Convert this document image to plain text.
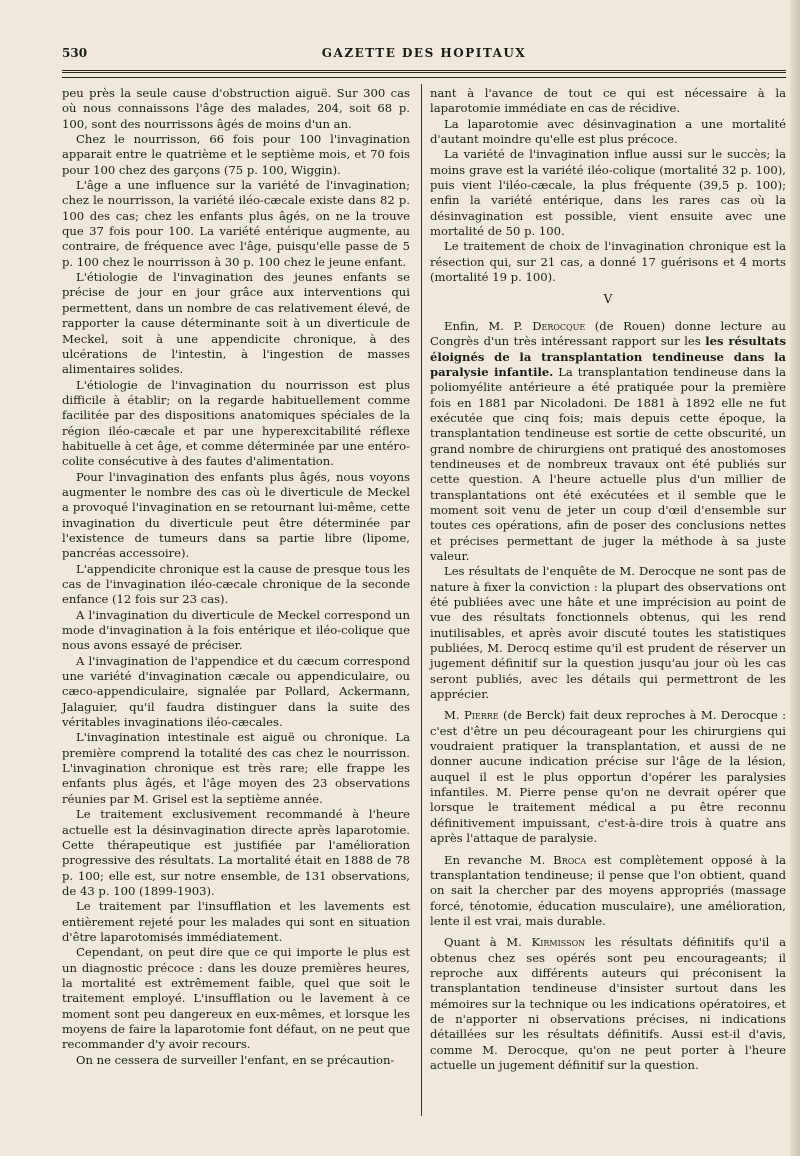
530	GAZETTE DES HOPITAUX

peu près la seule cause d'obstruction aiguë. Sur 300 cas où nous connaissons l'âge des malades, 204, soit 68 p. 100, sont des nourrissons âgés de moins d'un an.

Chez le nourrisson, 66 fois pour 100 l'invagination apparait entre le quatrième et le septième mois, et 70 fois pour 100 chez des garçons (75 p. 100, Wiggin).

L'âge a une influence sur la variété de l'invagination; chez le nourrisson, la variété iléo-cæcale existe dans 82 p. 100 des cas; chez les enfants plus âgés, on ne la trouve que 37 fois pour 100. La variété entérique augmente, au contraire, de fréquence avec l'âge, puisqu'elle passe de 5 p. 100 chez le nourrisson à 30 p. 100 chez le jeune enfant.

L'étiologie de l'invagination des jeunes enfants se précise de jour en jour grâce aux interventions qui permettent, dans un nombre de cas relativement élevé, de rapporter la cause déterminante soit à un diverticule de Meckel, soit à une appendicite chronique, à des ulcérations de l'intestin, à l'ingestion de masses alimentaires solides.

L'étiologie de l'invagination du nourrisson est plus difficile à établir; on la regarde habituellement comme facilitée par des dispositions anatomiques spéciales de la région iléo-cæcale et par une hyperexcitabilité réflexe habituelle à cet âge, et comme déterminée par une entéro-colite consécutive à des fautes d'alimentation.

Pour l'invagination des enfants plus âgés, nous voyons augmenter le nombre des cas où le diverticule de Meckel a provoqué l'invagination en se retournant lui-même, cette invagination du diverticule peut être déterminée par l'existence de tumeurs dans sa partie libre (lipome, pancréas accessoire).

L'appendicite chronique est la cause de presque tous les cas de l'invagination iléo-cæcale chronique de la seconde enfance (12 fois sur 23 cas).

A l'invagination du diverticule de Meckel correspond un mode d'invagination à la fois entérique et iléo-colique que nous avons essayé de préciser.

A l'invagination de l'appendice et du cæcum correspond une variété d'invagination cæcale ou appendiculaire, ou cæco-appendiculaire, signalée par Pollard, Ackermann, Jalaguier, qu'il faudra distinguer dans la suite des véritables invaginations iléo-cæcales.

L'invagination intestinale est aiguë ou chronique. La première comprend la totalité des cas chez le nourrisson. L'invagination chronique est très rare; elle frappe les enfants plus âgés, et l'âge moyen des 23 observations réunies par M. Grisel est la septième année.

Le traitement exclusivement recommandé à l'heure actuelle est la désinvagination directe après laparotomie. Cette thérapeutique est justifiée par l'amélioration progressive des résultats. La mortalité était en 1888 de 78 p. 100; elle est, sur notre ensemble, de 131 observations, de 43 p. 100 (1899-1903).

Le traitement par l'insufflation et les lavements est entièrement rejeté pour les malades qui sont en situation d'être laparotomisés immédiatement.

Cependant, on peut dire que ce qui importe le plus est un diagnostic précoce : dans les douze premières heures, la mortalité est extrêmement faible, quel que soit le traitement employé. L'insufflation ou le lavement à ce moment sont peu dangereux en eux-mêmes, et lorsque les moyens de faire la laparotomie font défaut, on ne peut que recommander d'y avoir recours.

On ne cessera de surveiller l'enfant, en se précaution-

nant à l'avance de tout ce qui est nécessaire à la laparotomie immédiate en cas de récidive.

La laparotomie avec désinvagination a une mortalité d'autant moindre qu'elle est plus précoce.

La variété de l'invagination influe aussi sur le succès; la moins grave est la variété iléo-colique (mortalité 32 p. 100), puis vient l'iléo-cæcale, la plus fréquente (39,5 p. 100); enfin la variété entérique, dans les rares cas où la désinvagination est possible, vient ensuite avec une mortalité de 50 p. 100.

Le traitement de choix de l'invagination chronique est la résection qui, sur 21 cas, a donné 17 guérisons et 4 morts (mortalité 19 p. 100).

V

Enfin, M. P. Derocque (de Rouen) donne lecture au Congrès d'un très intéressant rapport sur les les résultats éloignés de la transplantation tendineuse dans la paralysie infantile. La transplantation tendineuse dans la poliomyélite antérieure a été pratiquée pour la première fois en 1881 par Nicoladoni. De 1881 à 1892 elle ne fut exécutée que cinq fois; mais depuis cette époque, la transplantation tendineuse est sortie de cette obscurité, un grand nombre de chirurgiens ont pratiqué des anostomoses tendineuses et de nombreux travaux ont été publiés sur cette question. A l'heure actuelle plus d'un millier de transplantations ont été exécutées et il semble que le moment soit venu de jeter un coup d'œil d'ensemble sur toutes ces opérations, afin de poser des conclusions nettes et précises permettant de juger la méthode à sa juste valeur.

Les résultats de l'enquête de M. Derocque ne sont pas de nature à fixer la conviction : la plupart des observations ont été publiées avec une hâte et une imprécision au point de vue des résultats fonctionnels obtenus, qui les rend inutilisables, et après avoir discuté toutes les statistiques publiées, M. Derocq estime qu'il est prudent de réserver un jugement définitif sur la question jusqu'au jour où les cas seront publiés, avec les détails qui permettront de les apprécier.

M. Pierre (de Berck) fait deux reproches à M. Derocque : c'est d'être un peu décourageant pour les chirurgiens qui voudraient pratiquer la transplantation, et aussi de ne donner aucune indication précise sur l'âge de la lésion, auquel il est le plus opportun d'opérer les paralysies infantiles. M. Pierre pense qu'on ne devrait opérer que lorsque le traitement médical a pu être reconnu définitivement impuissant, c'est-à-dire trois à quatre ans après l'attaque de paralysie.

En revanche M. Broca est complètement opposé à la transplantation tendineuse; il pense que l'on obtient, quand on sait la chercher par des moyens appropriés (massage forcé, ténotomie, éducation musculaire), une amélioration, lente il est vrai, mais durable.

Quant à M. Kirmisson les résultats définitifs qu'il a obtenus chez ses opérés sont peu encourageants; il reproche aux différents auteurs qui préconisent la transplantation tendineuse d'insister surtout dans les mémoires sur la technique ou les indications opératoires, et de n'apporter ni observations précises, ni indications détaillées sur les résultats définitifs. Aussi est-il d'avis, comme M. Derocque, qu'on ne peut porter à l'heure actuelle un jugement définitif sur la question.
